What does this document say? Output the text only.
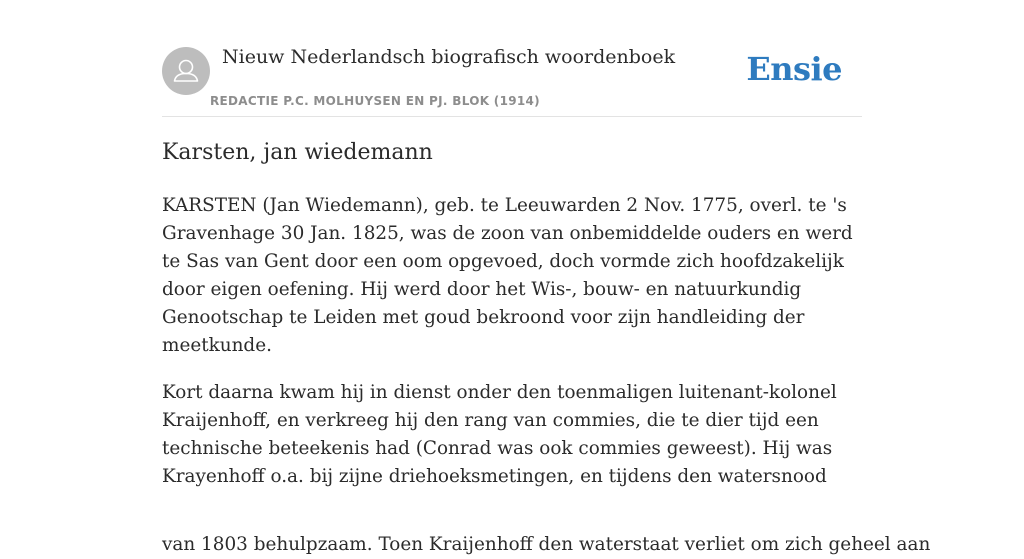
Nieuw Nederlandsch biografisch woordenboek
REDACTIE P.C. MOLHUYSEN EN PJ. BLOK (1914)
Ensie
Karsten, jan wiedemann

KARSTEN (Jan Wiedemann), geb. te Leeuwarden 2 Nov. 1775, overl. te 's Gravenhage 30 Jan. 1825, was de zoon van onbemiddelde ouders en werd te Sas van Gent door een oom opgevoed, doch vormde zich hoofdzakelijk door eigen oefening. Hij werd door het Wis-, bouw- en natuurkundig Genootschap te Leiden met goud bekroond voor zijn handleiding der meetkunde.

Kort daarna kwam hij in dienst onder den toenmaligen luitenant-kolonel Kraijenhoff, en verkreeg hij den rang van commies, die te dier tijd een technische beteekenis had (Conrad was ook commies geweest). Hij was Krayenhoff o.a. bij zijne driehoeksmetingen, en tijdens den watersnood

van 1803 behulpzaam. Toen Kraijenhoff den waterstaat verliet om zich geheel aan
